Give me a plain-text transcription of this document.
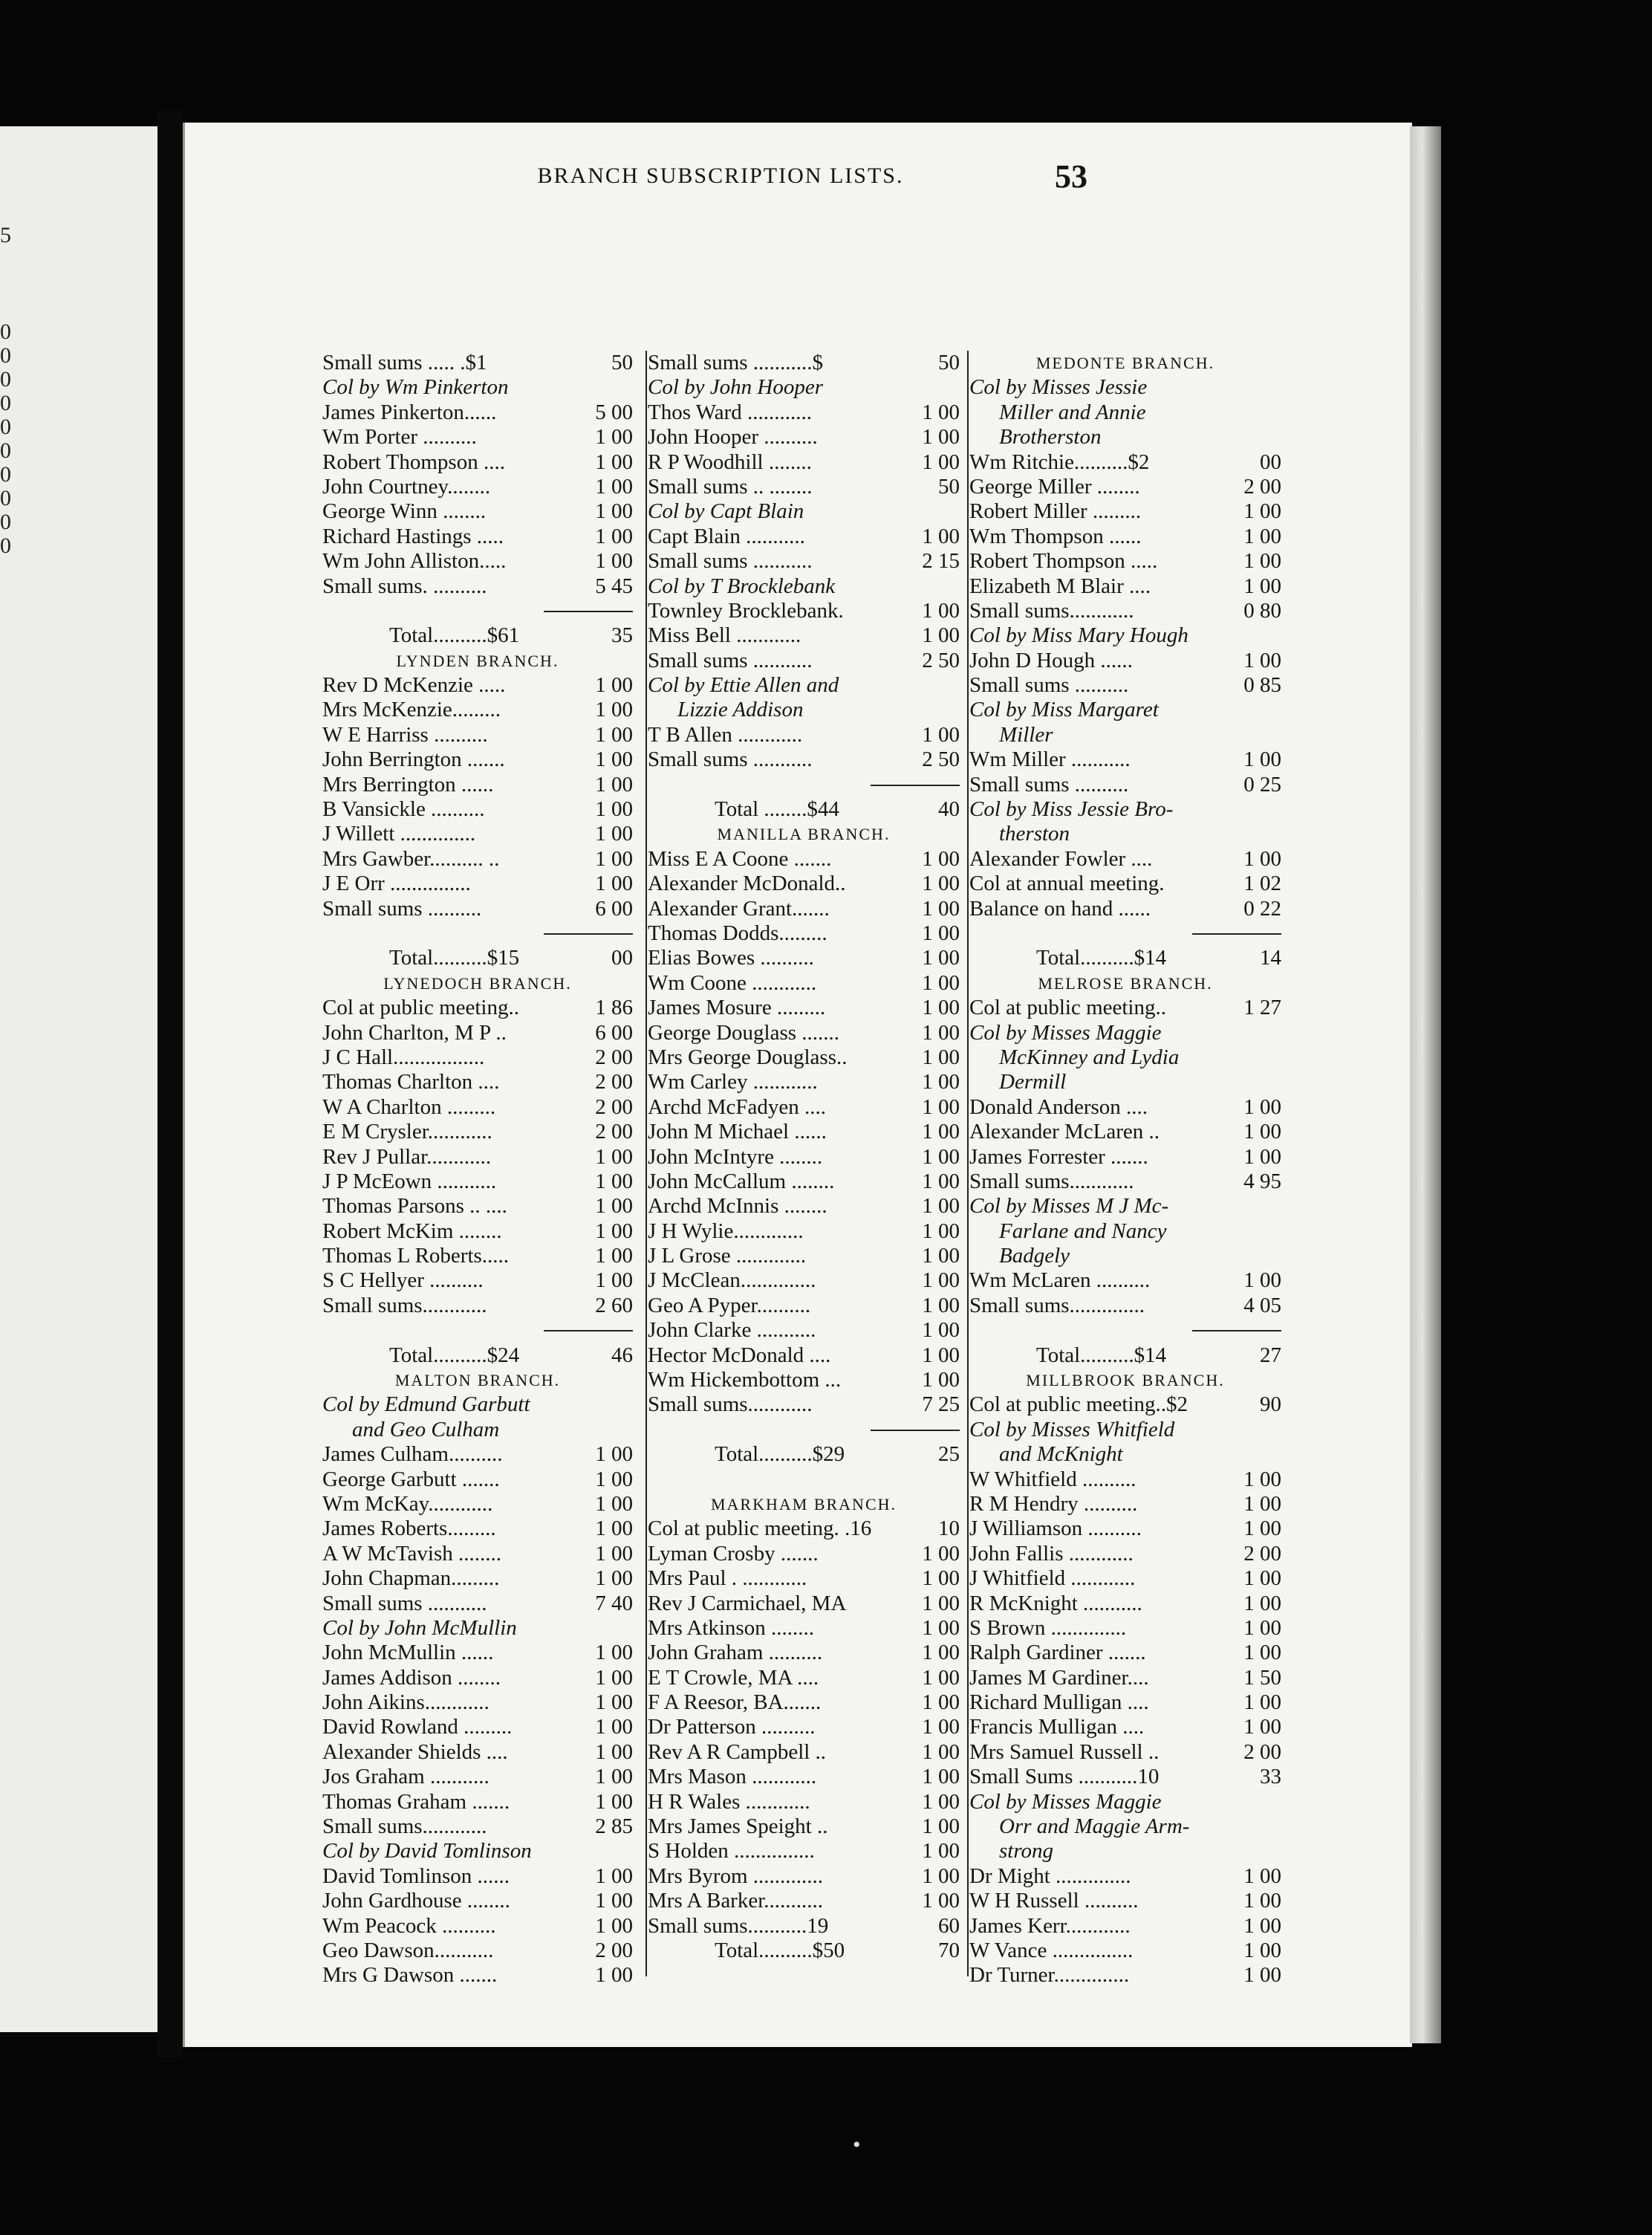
5
0
0
0
0
0
0
0
0
0
0
BRANCH SUBSCRIPTION LISTS.	53
Small sums ..... .$1	50
Col by Wm Pinkerton
James Pinkerton......	5 00
Wm Porter ..........	1 00
Robert Thompson ....	1 00
John Courtney........	1 00
George Winn ........	1 00
Richard Hastings .....	1 00
Wm John Alliston.....	1 00
Small sums. ..........	5 45
Total..........$61	35
LYNDEN BRANCH.
Rev D McKenzie .....	1 00
Mrs McKenzie.........	1 00
W E Harriss ..........	1 00
John Berrington .......	1 00
Mrs Berrington ......	1 00
B Vansickle ..........	1 00
J Willett ..............	1 00
Mrs Gawber.......... ..	1 00
J E Orr ...............	1 00
Small sums ..........	6 00
Total..........$15	00
LYNEDOCH BRANCH.
Col at public meeting..	1 86
John Charlton, M P ..	6 00
J C Hall.................	2 00
Thomas Charlton ....	2 00
W A Charlton .........	2 00
E M Crysler............	2 00
Rev J Pullar............	1 00
J P McEown ...........	1 00
Thomas Parsons .. ....	1 00
Robert McKim ........	1 00
Thomas L Roberts.....	1 00
S C Hellyer ..........	1 00
Small sums............	2 60
Total..........$24	46
MALTON BRANCH.
Col by Edmund Garbutt
and Geo Culham
James Culham..........	1 00
George Garbutt .......	1 00
Wm McKay............	1 00
James Roberts.........	1 00
A W McTavish ........	1 00
John Chapman.........	1 00
Small sums ...........	7 40
Col by John McMullin
John McMullin ......	1 00
James Addison ........	1 00
John Aikins............	1 00
David Rowland .........	1 00
Alexander Shields ....	1 00
Jos Graham ...........	1 00
Thomas Graham .......	1 00
Small sums............	2 85
Col by David Tomlinson
David Tomlinson ......	1 00
John Gardhouse ........	1 00
Wm Peacock ..........	1 00
Geo Dawson...........	2 00
Mrs G Dawson .......	1 00
Small sums ...........$	50
Col by John Hooper
Thos Ward ............	1 00
John Hooper ..........	1 00
R P Woodhill ........	1 00
Small sums .. ........	50
Col by Capt Blain
Capt Blain ...........	1 00
Small sums ...........	2 15
Col by T Brocklebank
Townley Brocklebank.	1 00
Miss Bell ............	1 00
Small sums ...........	2 50
Col by Ettie Allen and
Lizzie Addison
T B Allen ............	1 00
Small sums ...........	2 50
Total ........$44	40
MANILLA BRANCH.
Miss E A Coone .......	1 00
Alexander McDonald..	1 00
Alexander Grant.......	1 00
Thomas Dodds.........	1 00
Elias Bowes ..........	1 00
Wm Coone ............	1 00
James Mosure .........	1 00
George Douglass .......	1 00
Mrs George Douglass..	1 00
Wm Carley ............	1 00
Archd McFadyen ....	1 00
John M Michael ......	1 00
John McIntyre ........	1 00
John McCallum ........	1 00
Archd McInnis ........	1 00
J H Wylie.............	1 00
J L Grose .............	1 00
J McClean..............	1 00
Geo A Pyper..........	1 00
John Clarke ...........	1 00
Hector McDonald ....	1 00
Wm Hickembottom ...	1 00
Small sums............	7 25
Total..........$29	25
MARKHAM BRANCH.
Col at public meeting. .16	10
Lyman Crosby .......	1 00
Mrs Paul . ............	1 00
Rev J Carmichael, MA	1 00
Mrs Atkinson ........	1 00
John Graham ..........	1 00
E T Crowle, MA ....	1 00
F A Reesor, BA.......	1 00
Dr Patterson ..........	1 00
Rev A R Campbell ..	1 00
Mrs Mason ............	1 00
H R Wales ............	1 00
Mrs James Speight ..	1 00
S Holden ...............	1 00
Mrs Byrom .............	1 00
Mrs A Barker...........	1 00
Small sums...........19	60
Total..........$50	70
MEDONTE BRANCH.
Col by Misses Jessie
Miller and Annie
Brotherston
Wm Ritchie..........$2	00
George Miller ........	2 00
Robert Miller .........	1 00
Wm Thompson ......	1 00
Robert Thompson .....	1 00
Elizabeth M Blair ....	1 00
Small sums............	0 80
Col by Miss Mary Hough
John D Hough ......	1 00
Small sums ..........	0 85
Col by Miss Margaret
Miller
Wm Miller ...........	1 00
Small sums ..........	0 25
Col by Miss Jessie Bro-
therston
Alexander Fowler ....	1 00
Col at annual meeting.	1 02
Balance on hand ......	0 22
Total..........$14	14
MELROSE BRANCH.
Col at public meeting..	1 27
Col by Misses Maggie
McKinney and Lydia
Dermill
Donald Anderson ....	1 00
Alexander McLaren ..	1 00
James Forrester .......	1 00
Small sums............	4 95
Col by Misses M J Mc-
Farlane and Nancy
Badgely
Wm McLaren ..........	1 00
Small sums..............	4 05
Total..........$14	27
MILLBROOK BRANCH.
Col at public meeting..$2	90
Col by Misses Whitfield
and McKnight
W Whitfield ..........	1 00
R M Hendry ..........	1 00
J Williamson ..........	1 00
John Fallis ............	2 00
J Whitfield ............	1 00
R McKnight ...........	1 00
S Brown ..............	1 00
Ralph Gardiner .......	1 00
James M Gardiner....	1 50
Richard Mulligan ....	1 00
Francis Mulligan ....	1 00
Mrs Samuel Russell ..	2 00
Small Sums ...........10	33
Col by Misses Maggie
Orr and Maggie Arm-
strong
Dr Might ..............	1 00
W H Russell ..........	1 00
James Kerr............	1 00
W Vance ...............	1 00
Dr Turner..............	1 00
•
